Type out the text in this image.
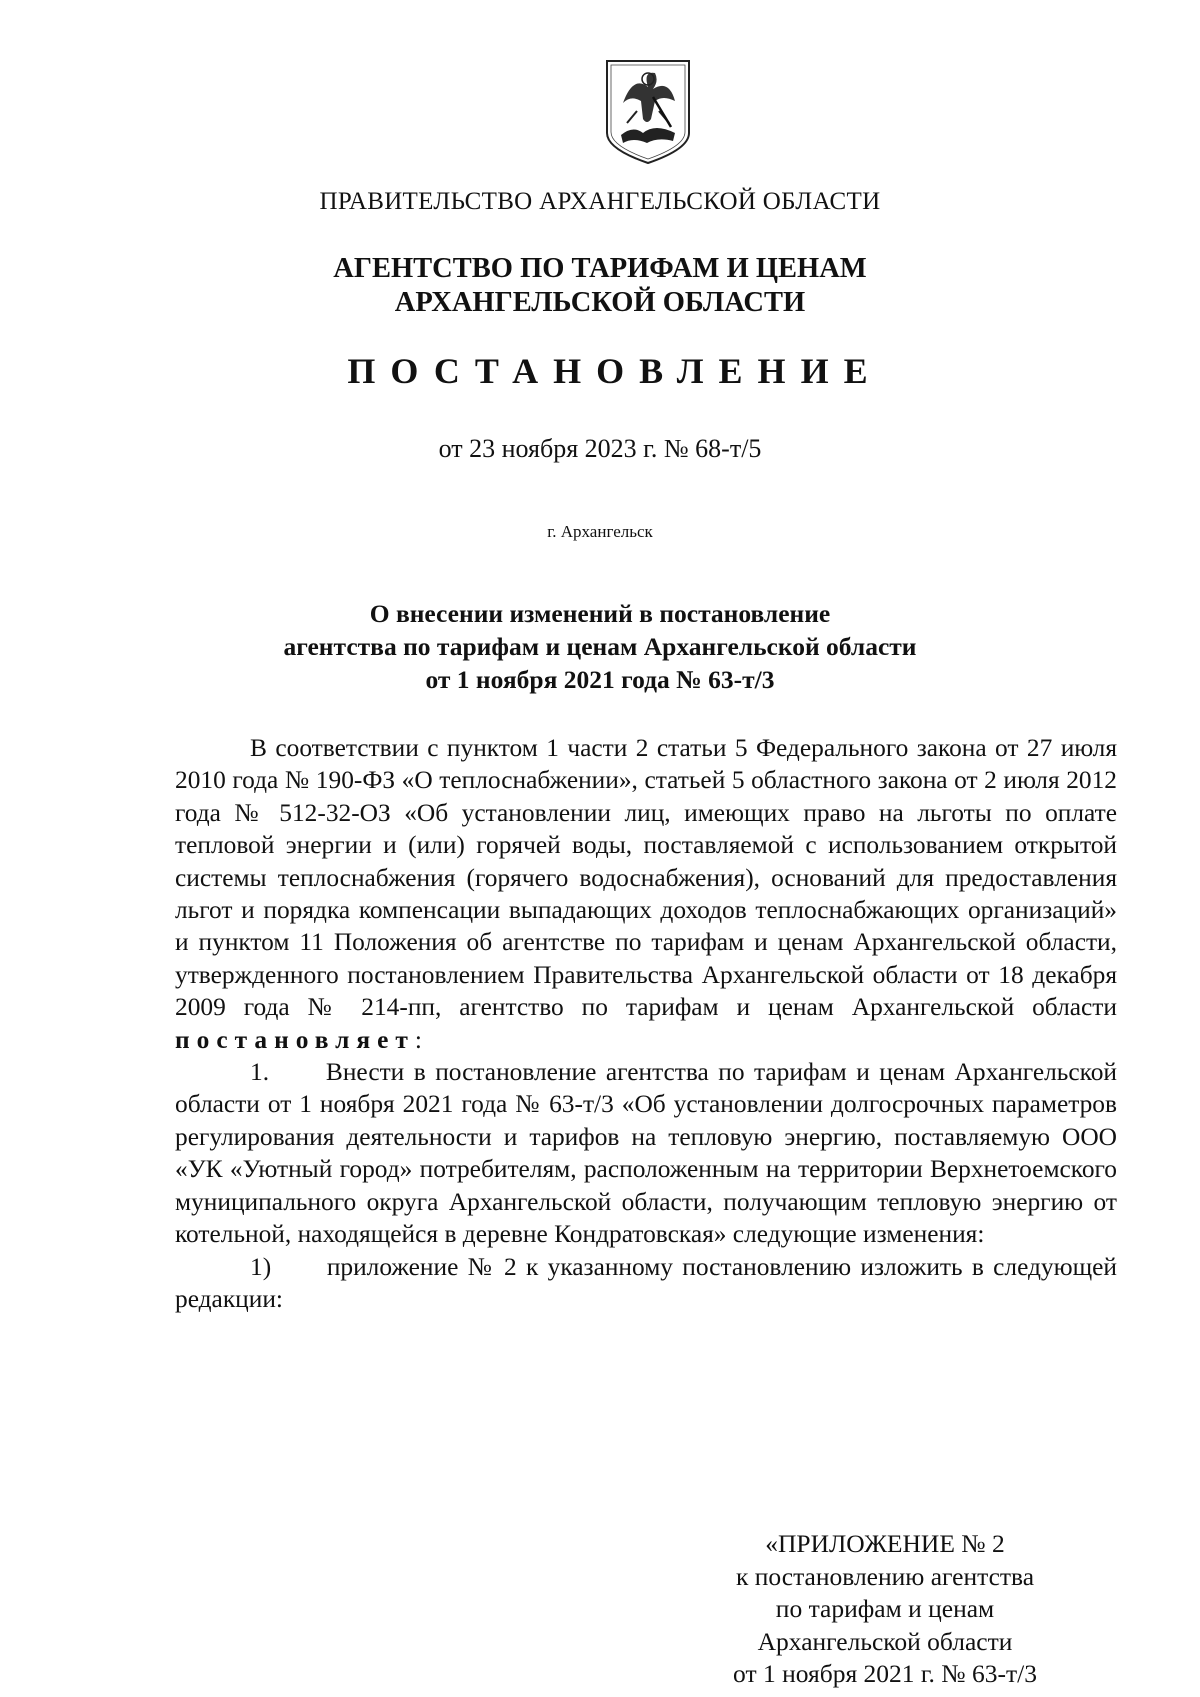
ПРАВИТЕЛЬСТВО АРХАНГЕЛЬСКОЙ ОБЛАСТИ
АГЕНТСТВО ПО ТАРИФАМ И ЦЕНАМ
АРХАНГЕЛЬСКОЙ ОБЛАСТИ
ПОСТАНОВЛЕНИЕ
от 23 ноября 2023 г. № 68-т/5
г. Архангельск
О внесении изменений в постановление
агентства по тарифам и ценам Архангельской области
от 1 ноября 2021 года № 63-т/3

В соответствии с пунктом 1 части 2 статьи 5 Федерального закона от 27 июля 2010 года № 190-ФЗ «О теплоснабжении», статьей 5 областного закона от 2 июля 2012 года № 512-32-ОЗ «Об установлении лиц, имеющих право на льготы по оплате тепловой энергии и (или) горячей воды, поставляемой с использованием открытой системы теплоснабжения (горячего водоснабжения), оснований для предоставления льгот и порядка компенсации выпадающих доходов теплоснабжающих организаций» и пунктом 11 Положения об агентстве по тарифам и ценам Архангельской области, утвержденного постановлением Правительства Архангельской области от 18 декабря 2009 года № 214-пп, агентство по тарифам и ценам Архангельской области постановляет:

1. Внести в постановление агентства по тарифам и ценам Архангельской области от 1 ноября 2021 года № 63-т/3 «Об установлении долгосрочных параметров регулирования деятельности и тарифов на тепловую энергию, поставляемую ООО «УК «Уютный город» потребителям, расположенным на территории Верхнетоемского муниципального округа Архангельской области, получающим тепловую энергию от котельной, находящейся в деревне Кондратовская» следующие изменения:

1) приложение № 2 к указанному постановлению изложить в следующей редакции:

«ПРИЛОЖЕНИЕ № 2
к постановлению агентства
по тарифам и ценам
Архангельской области
от 1 ноября 2021 г. № 63-т/3
